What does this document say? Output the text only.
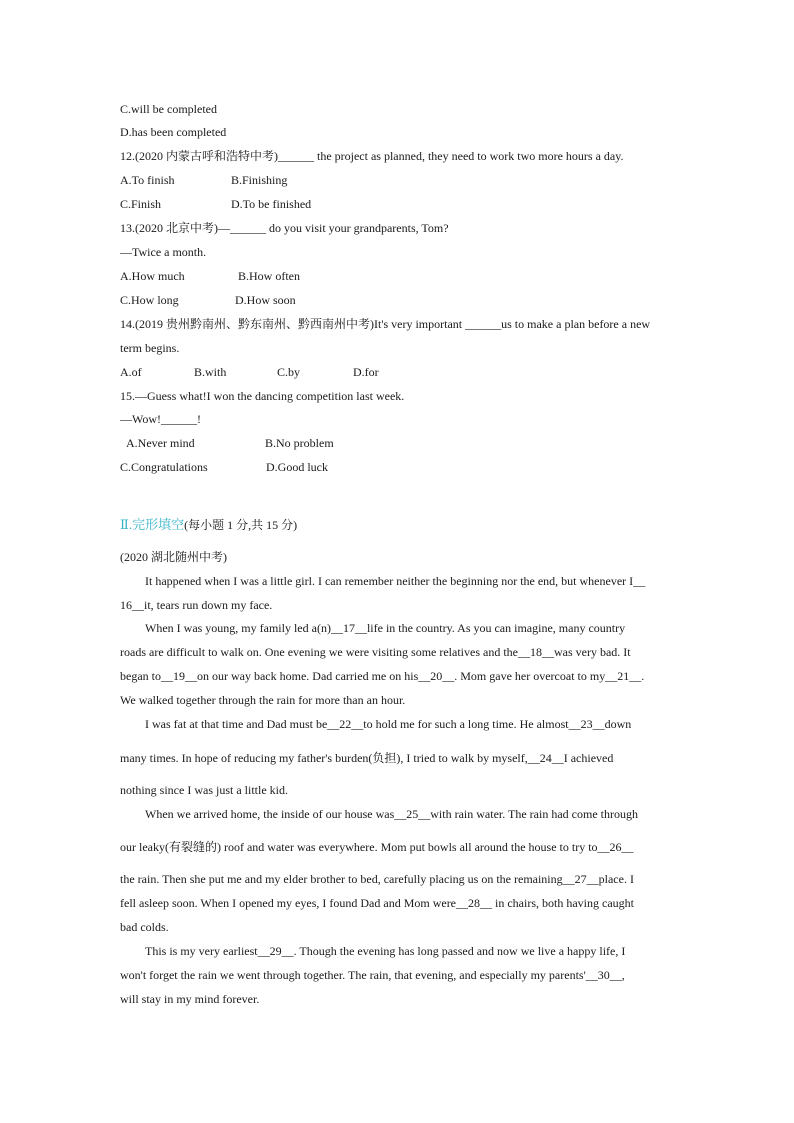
C.will be completed
D.has been completed
12.(2020 内蒙古呼和浩特中考)______ the project as planned, they need to work two more hours a day.
A.To finish	B.Finishing
C.Finish	D.To be finished
13.(2020 北京中考)—______ do you visit your grandparents, Tom?
—Twice a month.
A.How much	B.How often
C.How long	D.How soon
14.(2019 贵州黔南州、黔东南州、黔西南州中考)It's very important ______us to make a plan before a new
term begins.
A.of	B.with	C.by	D.for
15.—Guess what!I won the dancing competition last week.
—Wow!______!
A.Never mind	B.No problem
C.Congratulations	D.Good luck
Ⅱ.完形填空(每小题 1 分,共 15 分)
(2020 湖北随州中考)
It happened when I was a little girl. I can remember neither the beginning nor the end, but whenever I__
16__it, tears run down my face.
When I was young, my family led a(n)__17__life in the country. As you can imagine, many country
roads are difficult to walk on. One evening we were visiting some relatives and the__18__was very bad. It
began to__19__on our way back home. Dad carried me on his__20__. Mom gave her overcoat to my__21__.
We walked together through the rain for more than an hour.
I was fat at that time and Dad must be__22__to hold me for such a long time. He almost__23__down
many times. In hope of reducing my father's burden(负担), I tried to walk by myself,__24__I achieved
nothing since I was just a little kid.
When we arrived home, the inside of our house was__25__with rain water. The rain had come through
our leaky(有裂缝的) roof and water was everywhere. Mom put bowls all around the house to try to__26__
the rain. Then she put me and my elder brother to bed, carefully placing us on the remaining__27__place. I
fell asleep soon. When I opened my eyes, I found Dad and Mom were__28__ in chairs, both having caught
bad colds.
This is my very earliest__29__. Though the evening has long passed and now we live a happy life, I
won't forget the rain we went through together. The rain, that evening, and especially my parents'__30__,
will stay in my mind forever.
